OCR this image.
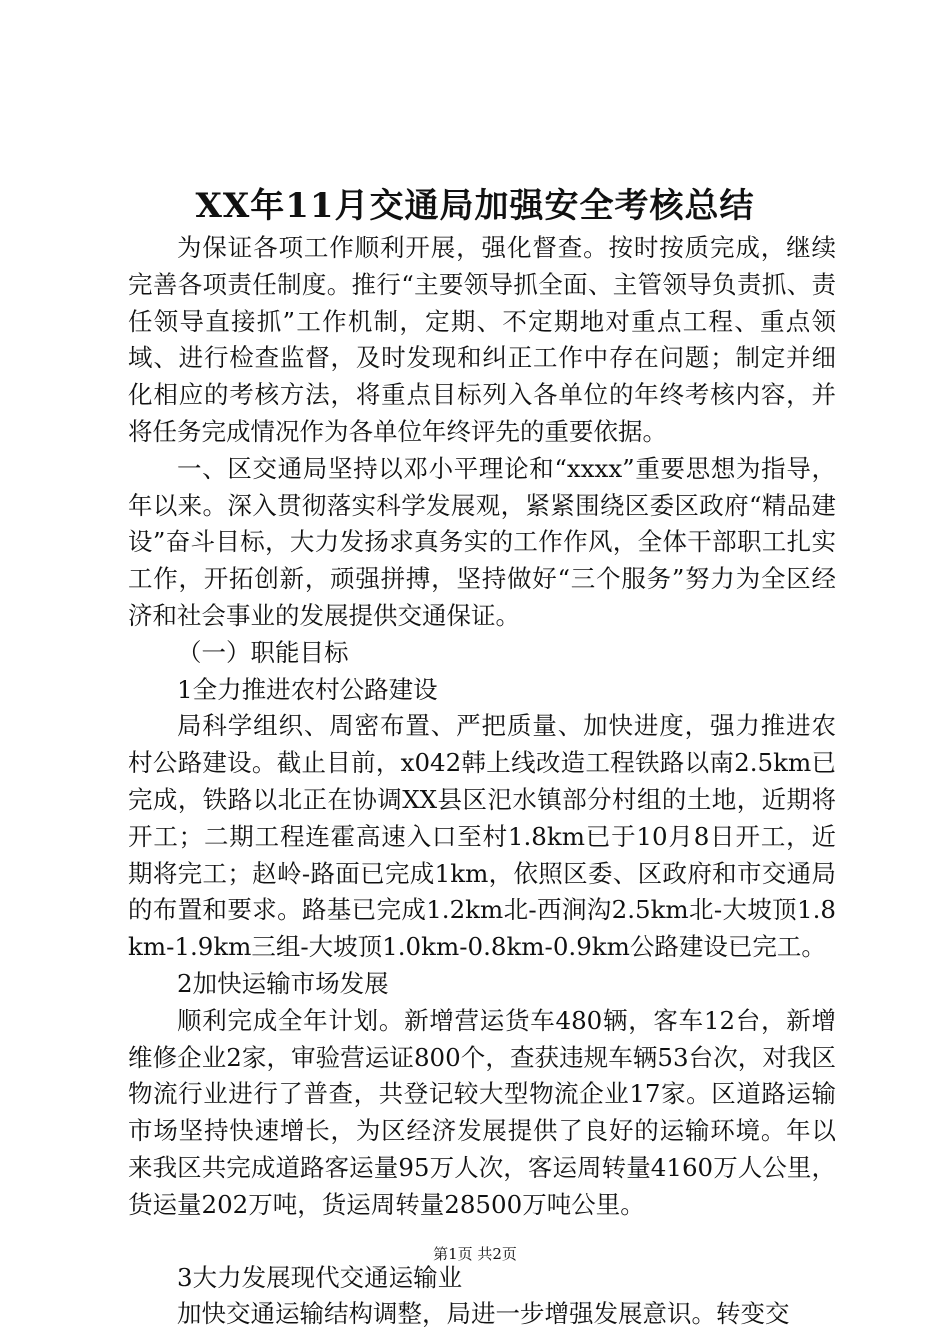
XX年11月交通局加强安全考核总结

为保证各项工作顺利开展，强化督查。按时按质完成，继续完善各项责任制度。推行“主要领导抓全面、主管领导负责抓、责任领导直接抓”工作机制，定期、不定期地对重点工程、重点领域、进行检查监督，及时发现和纠正工作中存在问题；制定并细化相应的考核方法，将重点目标列入各单位的年终考核内容，并将任务完成情况作为各单位年终评先的重要依据。

一、区交通局坚持以邓小平理论和“xxxx”重要思想为指导，年以来。深入贯彻落实科学发展观，紧紧围绕区委区政府“精品建设”奋斗目标，大力发扬求真务实的工作作风，全体干部职工扎实工作，开拓创新，顽强拼搏，坚持做好“三个服务”努力为全区经济和社会事业的发展提供交通保证。

（一）职能目标

1全力推进农村公路建设

局科学组织、周密布置、严把质量、加快进度，强力推进农村公路建设。截止目前，x042韩上线改造工程铁路以南2.5km已完成，铁路以北正在协调XX县区汜水镇部分村组的土地，近期将开工；二期工程连霍高速入口至村1.8km已于10月8日开工，近期将完工；赵岭-路面已完成1km，依照区委、区政府和市交通局的布置和要求。路基已完成1.2km北-西涧沟2.5km北-大坡顶1.8km-1.9km三组-大坡顶1.0km-0.8km-0.9km公路建设已完工。

2加快运输市场发展

顺利完成全年计划。新增营运货车480辆，客车12台，新增维修企业2家，审验营运证800个，查获违规车辆53台次，对我区物流行业进行了普查，共登记较大型物流企业17家。区道路运输市场坚持快速增长，为区经济发展提供了良好的运输环境。年以来我区共完成道路客运量95万人次，客运周转量4160万人公里，货运量202万吨，货运周转量28500万吨公里。

3大力发展现代交通运输业

加快交通运输结构调整，局进一步增强发展意识。转变交

第1页 共2页
